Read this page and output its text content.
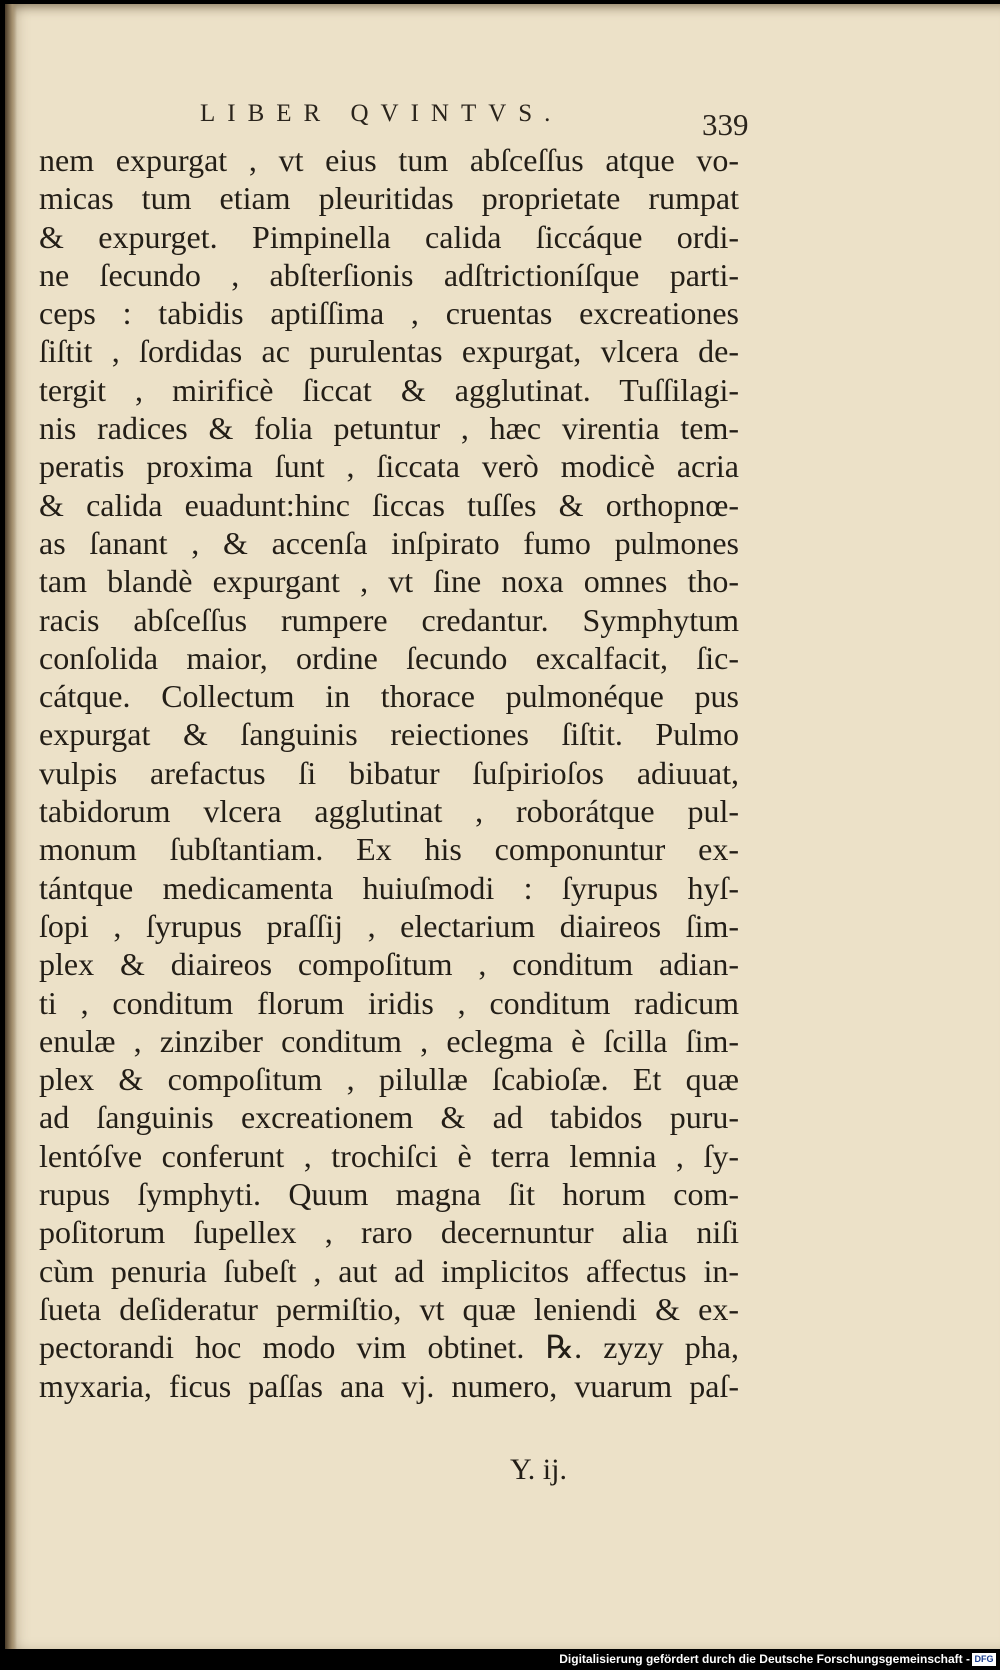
LIBER QVINTVS.	339
nem expurgat , vt eius tum abſceſſus atque vo-
micas tum etiam pleuritidas proprietate rumpat
& expurget. Pimpinella calida ſiccáque ordi-
ne ſecundo , abſterſionis adſtrictioníſque parti-
ceps : tabidis aptiſſima , cruentas excreationes
ſiſtit , ſordidas ac purulentas expurgat, vlcera de-
tergit , mirificè ſiccat & agglutinat. Tuſſilagi-
nis radices & folia petuntur , hæc virentia tem-
peratis proxima ſunt , ſiccata verò modicè acria
& calida euadunt:hinc ſiccas tuſſes & orthopnœ-
as ſanant , & accenſa inſpirato fumo pulmones
tam blandè expurgant , vt ſine noxa omnes tho-
racis abſceſſus rumpere credantur. Symphytum
conſolida maior, ordine ſecundo excalfacit, ſic-
cátque. Collectum in thorace pulmonéque pus
expurgat & ſanguinis reiectiones ſiſtit. Pulmo
vulpis arefactus ſi bibatur ſuſpirioſos adiuuat,
tabidorum vlcera agglutinat , roborátque pul-
monum ſubſtantiam. Ex his componuntur ex-
tántque medicamenta huiuſmodi : ſyrupus hyſ-
ſopi , ſyrupus praſſij , electarium diaireos ſim-
plex & diaireos compoſitum , conditum adian-
ti , conditum florum iridis , conditum radicum
enulæ , zinziber conditum , eclegma è ſcilla ſim-
plex & compoſitum , pilullæ ſcabioſæ. Et quæ
ad ſanguinis excreationem & ad tabidos puru-
lentóſve conferunt , trochiſci è terra lemnia , ſy-
rupus ſymphyti. Quum magna ſit horum com-
poſitorum ſupellex , raro decernuntur alia niſi
cùm penuria ſubeſt , aut ad implicitos affectus in-
ſueta deſideratur permiſtio, vt quæ leniendi & ex-
pectorandi hoc modo vim obtinet. ℞. zyzy pha,
myxaria, ficus paſſas ana vj. numero, vuarum paſ-
Y. ij.
Digitalisierung gefördert durch die Deutsche Forschungsgemeinschaft - DFG
